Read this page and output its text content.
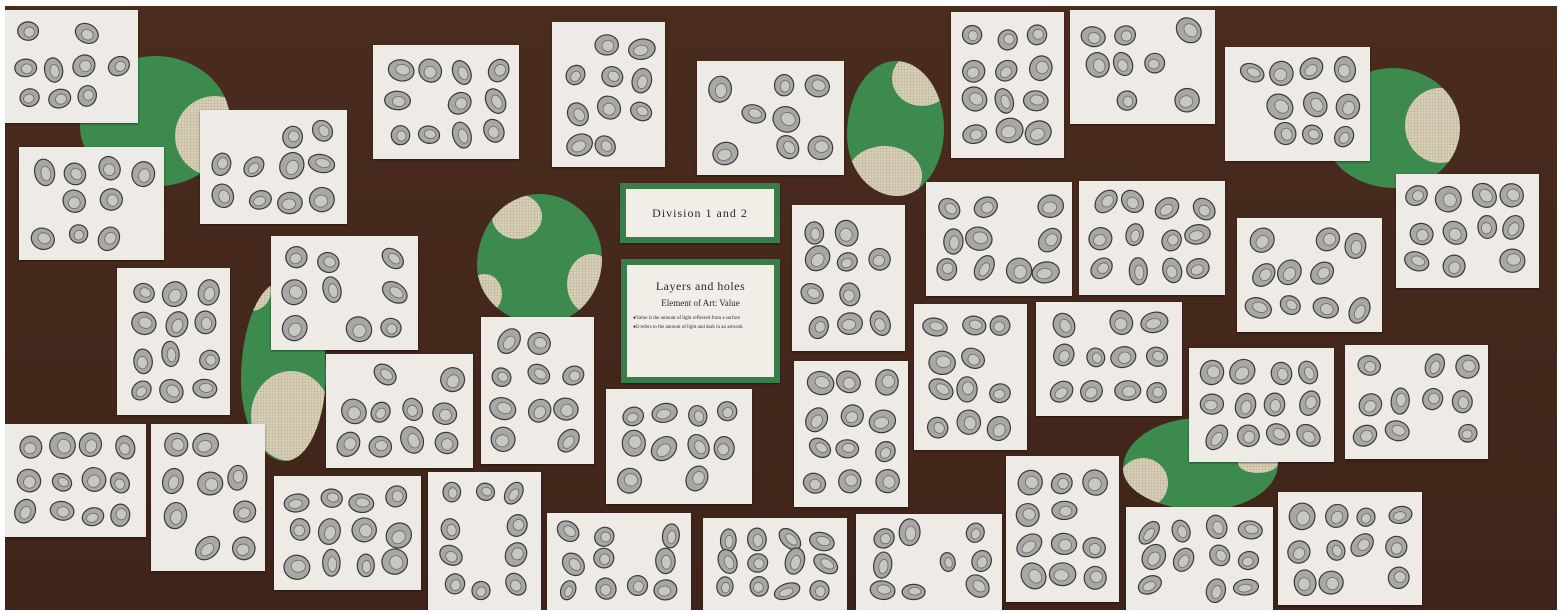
Division 1 and 2
Layers and holes
Element of Art: Value
● Value is the amount of light reflected from a surface
● It refers to the amount of light and dark in an artwork
